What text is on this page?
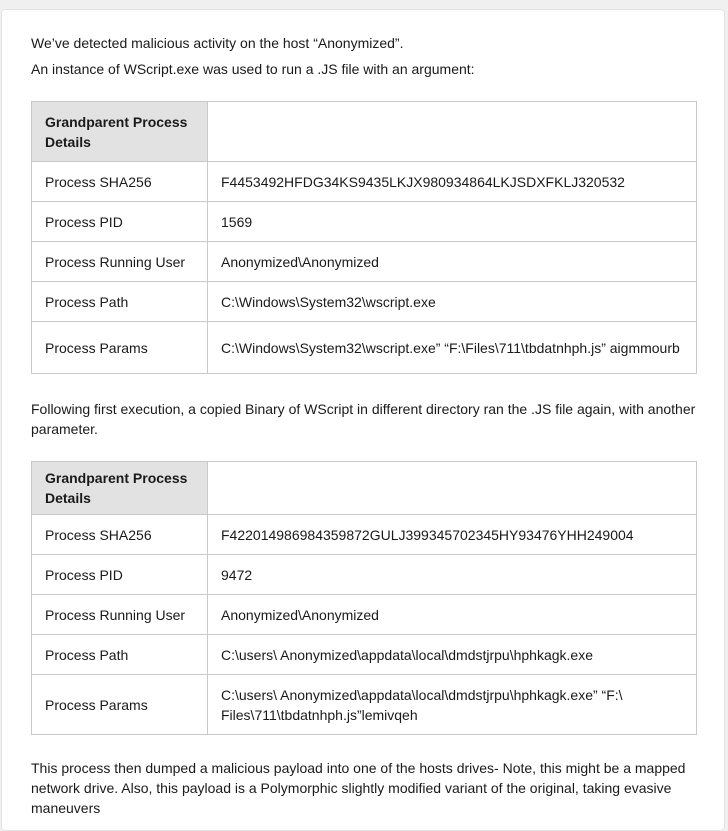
We’ve detected malicious activity on the host “Anonymized”.

An instance of WScript.exe was used to run a .JS file with an argument:

Grandparent Process Details	
Process SHA256	F4453492HFDG34KS9435LKJX980934864LKJSDXFKLJ320532
Process PID	1569
Process Running User	Anonymized\Anonymized
Process Path	C:\Windows\System32\wscript.exe
Process Params	C:\Windows\System32\wscript.exe” “F:\Files\711\tbdatnhph.js” aigmmourb

Following first execution, a copied Binary of WScript in different directory ran the .JS file again, with another parameter.

Grandparent Process Details	
Process SHA256	F422014986984359872GULJ399345702345HY93476YHH249004
Process PID	9472
Process Running User	Anonymized\Anonymized
Process Path	C:\users\ Anonymized\appdata\local\dmdstjrpu\hphkagk.exe
Process Params	C:\users\ Anonymized\appdata\local\dmdstjrpu\hphkagk.exe” “F:\ Files\711\tbdatnhph.js”lemivqeh

This process then dumped a malicious payload into one of the hosts drives- Note, this might be a mapped network drive. Also, this payload is a Polymorphic slightly modified variant of the original, taking evasive maneuvers
